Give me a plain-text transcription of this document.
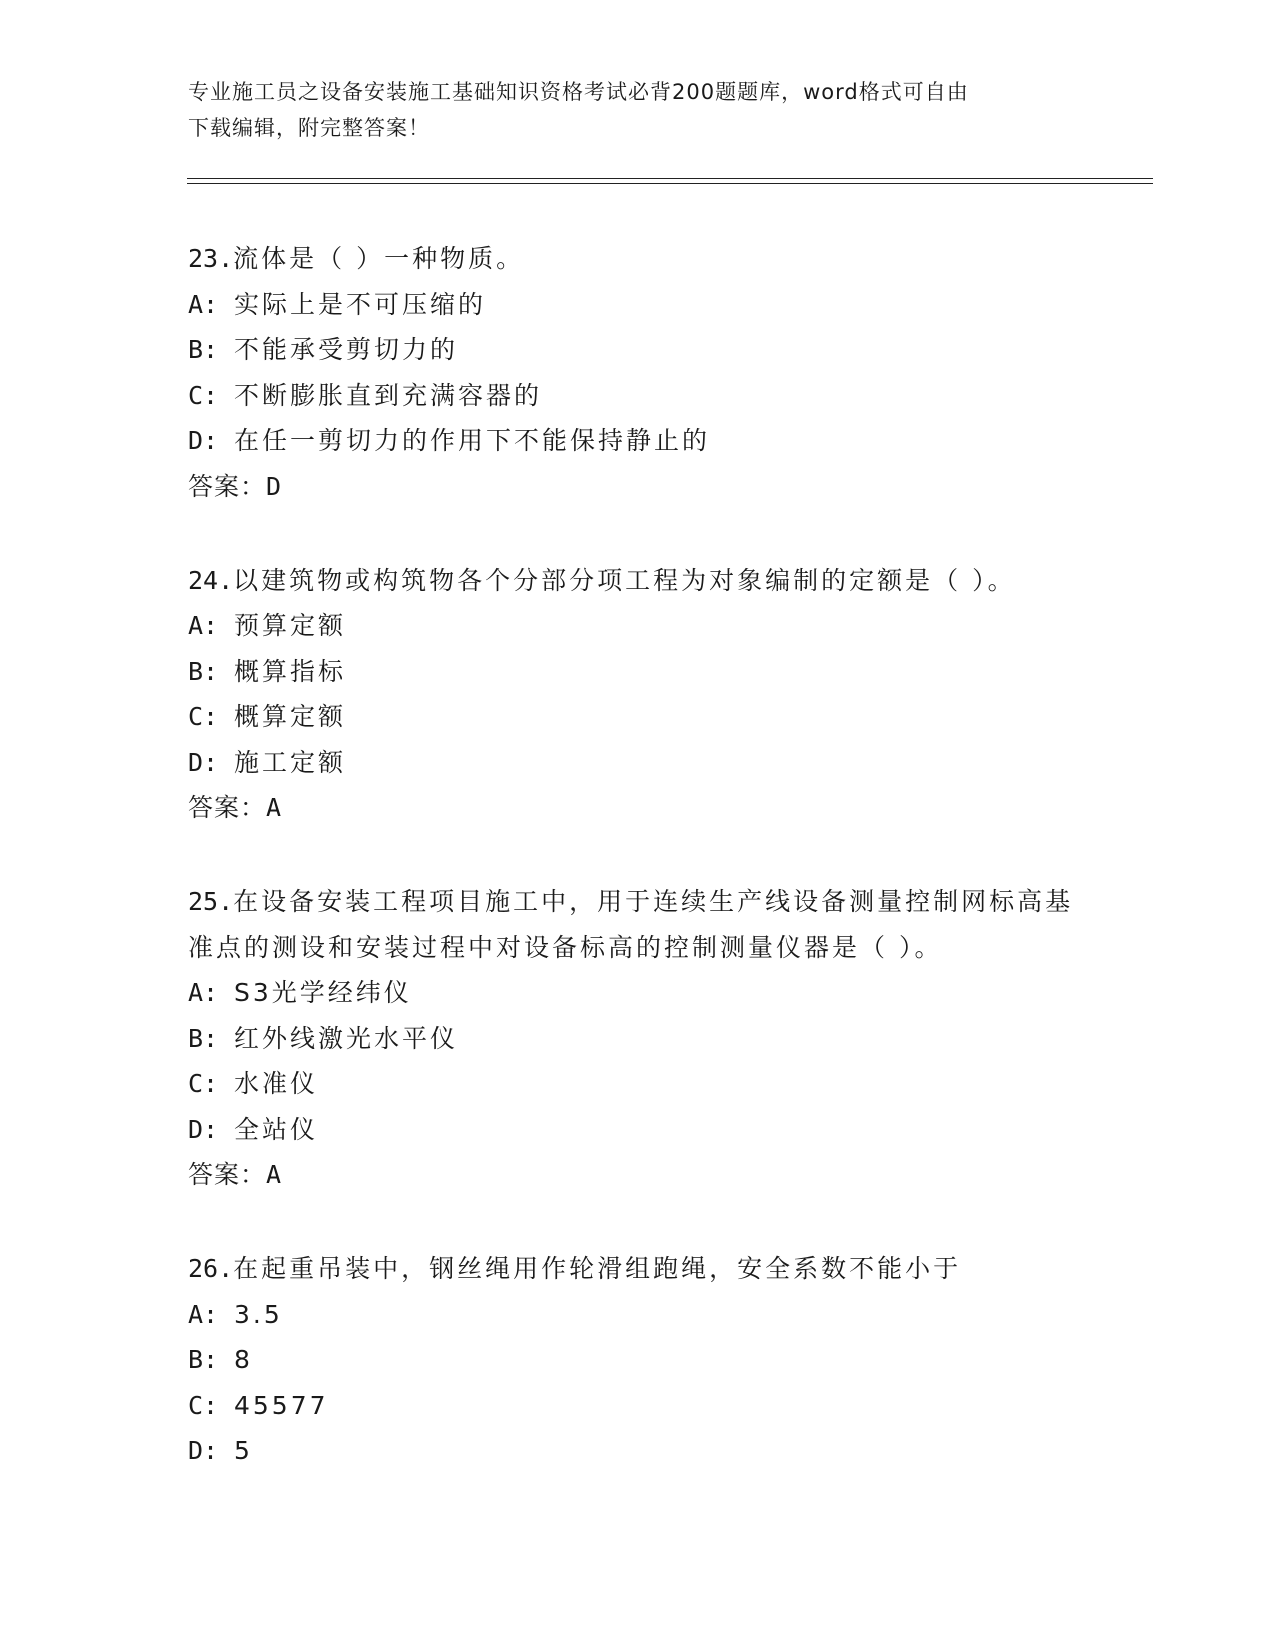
专业施工员之设备安装施工基础知识资格考试必背200题题库，word格式可自由
下载编辑，附完整答案！
23.流体是（ ）一种物质。
A: 实际上是不可压缩的
B: 不能承受剪切力的
C: 不断膨胀直到充满容器的
D: 在任一剪切力的作用下不能保持静止的
答案：D
24.以建筑物或构筑物各个分部分项工程为对象编制的定额是（ ）。
A: 预算定额
B: 概算指标
C: 概算定额
D: 施工定额
答案：A
25.在设备安装工程项目施工中，用于连续生产线设备测量控制网标高基准点的测设和安装过程中对设备标高的控制测量仪器是（ ）。
A: S3光学经纬仪
B: 红外线激光水平仪
C: 水准仪
D: 全站仪
答案：A
26.在起重吊装中，钢丝绳用作轮滑组跑绳，安全系数不能小于
A: 3.5
B: 8
C: 45577
D: 5
